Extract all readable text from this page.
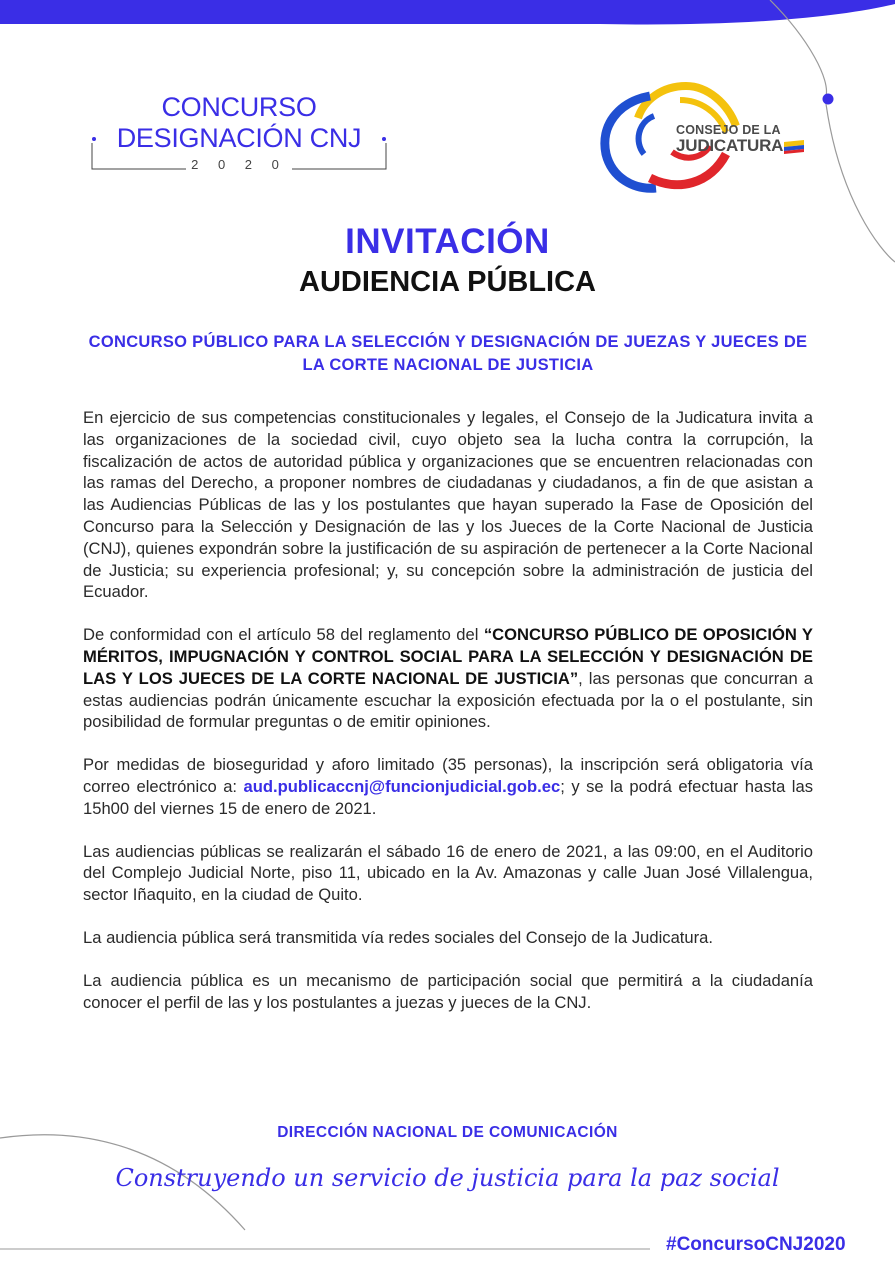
CONCURSO
DESIGNACIÓN CNJ
2 0 2 0
CONSEJO DE LA
JUDICATURA
INVITACIÓN
AUDIENCIA PÚBLICA
CONCURSO PÚBLICO PARA LA SELECCIÓN Y DESIGNACIÓN DE JUEZAS Y JUECES DE LA CORTE NACIONAL DE JUSTICIA

En ejercicio de sus competencias constitucionales y legales, el Consejo de la Judicatura invita a las organizaciones de la sociedad civil, cuyo objeto sea la lucha contra la corrupción, la fiscalización de actos de autoridad pública y organizaciones que se encuentren relacionadas con las ramas del Derecho, a proponer nombres de ciudadanas y ciudadanos, a fin de que asistan a las Audiencias Públicas de las y los postulantes que hayan superado la Fase de Oposición del Concurso para la Selección y Designación de las y los Jueces de la Corte Nacional de Justicia (CNJ), quienes expondrán sobre la justificación de su aspiración de pertenecer a la Corte Nacional de Justicia; su experiencia profesional; y, su concepción sobre la administración de justicia del Ecuador.

De conformidad con el artículo 58 del reglamento del “CONCURSO PÚBLICO DE OPOSICIÓN Y MÉRITOS, IMPUGNACIÓN Y CONTROL SOCIAL PARA LA SELECCIÓN Y DESIGNACIÓN DE LAS Y LOS JUECES DE LA CORTE NACIONAL DE JUSTICIA”, las personas que concurran a estas audiencias podrán únicamente escuchar la exposición efectuada por la o el postulante, sin posibilidad de formular preguntas o de emitir opiniones.

Por medidas de bioseguridad y aforo limitado (35 personas), la inscripción será obligatoria vía correo electrónico a: aud.publicaccnj@funcionjudicial.gob.ec; y se la podrá efectuar hasta las 15h00 del viernes 15 de enero de 2021.

Las audiencias públicas se realizarán el sábado 16 de enero de 2021, a las 09:00, en el Auditorio del Complejo Judicial Norte, piso 11, ubicado en la Av. Amazonas y calle Juan José Villalengua, sector Iñaquito, en la ciudad de Quito.

La audiencia pública será transmitida vía redes sociales del Consejo de la Judicatura.

La audiencia pública es un mecanismo de participación social que permitirá a la ciudadanía conocer el perfil de las y los postulantes a juezas y jueces de la CNJ.

DIRECCIÓN NACIONAL DE COMUNICACIÓN
Construyendo un servicio de justicia para la paz social
#ConcursoCNJ2020
